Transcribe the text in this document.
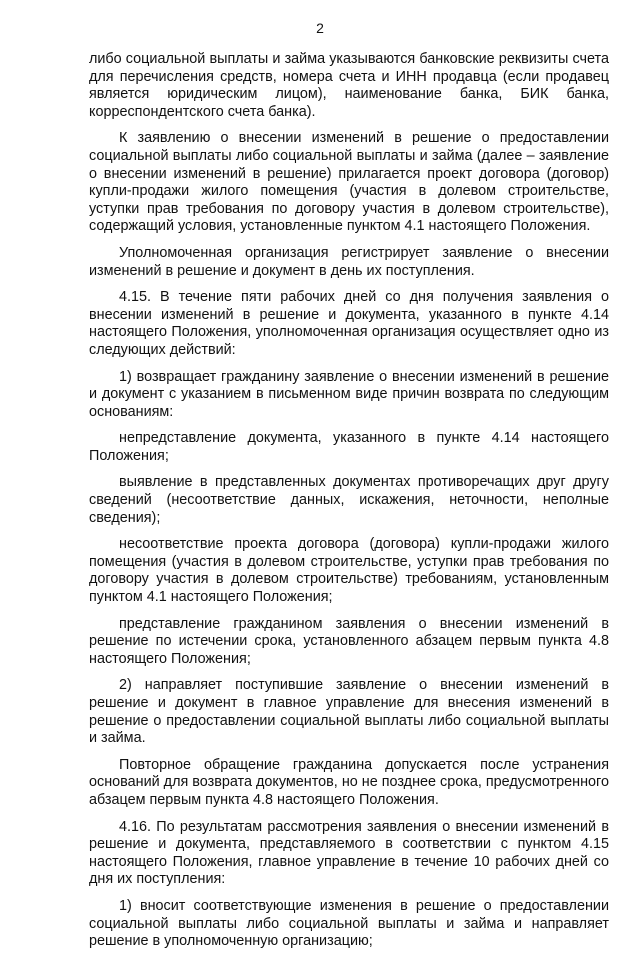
2

либо социальной выплаты и займа указываются банковские реквизиты счета для перечисления средств, номера счета и ИНН продавца (если продавец является юридическим лицом), наименование банка, БИК банка, корреспондентского счета банка).

К заявлению о внесении изменений в решение о предоставлении социальной выплаты либо социальной выплаты и займа (далее – заявление о внесении изменений в решение) прилагается проект договора (договор) купли-продажи жилого помещения (участия в долевом строительстве, уступки прав требования по договору участия в долевом строительстве), содержащий условия, установленные пунктом 4.1 настоящего Положения.

Уполномоченная организация регистрирует заявление о внесении изменений в решение и документ в день их поступления.

4.15. В течение пяти рабочих дней со дня получения заявления о внесении изменений в решение и документа, указанного в пункте 4.14 настоящего Положения, уполномоченная организация осуществляет одно из следующих действий:

1) возвращает гражданину заявление о внесении изменений в решение и документ с указанием в письменном виде причин возврата по следующим основаниям:

непредставление документа, указанного в пункте 4.14 настоящего Положения;

выявление в представленных документах противоречащих друг другу сведений (несоответствие данных, искажения, неточности, неполные сведения);

несоответствие проекта договора (договора) купли-продажи жилого помещения (участия в долевом строительстве, уступки прав требования по договору участия в долевом строительстве) требованиям, установленным пунктом 4.1 настоящего Положения;

представление гражданином заявления о внесении изменений в решение по истечении срока, установленного абзацем первым пункта 4.8 настоящего Положения;

2) направляет поступившие заявление о внесении изменений в решение и документ в главное управление для внесения изменений в решение о предоставлении социальной выплаты либо социальной выплаты и займа.

Повторное обращение гражданина допускается после устранения оснований для возврата документов, но не позднее срока, предусмотренного абзацем первым пункта 4.8 настоящего Положения.

4.16. По результатам рассмотрения заявления о внесении изменений в решение и документа, представляемого в соответствии с пунктом 4.15 настоящего Положения, главное управление в течение 10 рабочих дней со дня их поступления:

1) вносит соответствующие изменения в решение о предоставлении социальной выплаты либо социальной выплаты и займа и направляет решение в уполномоченную организацию;
